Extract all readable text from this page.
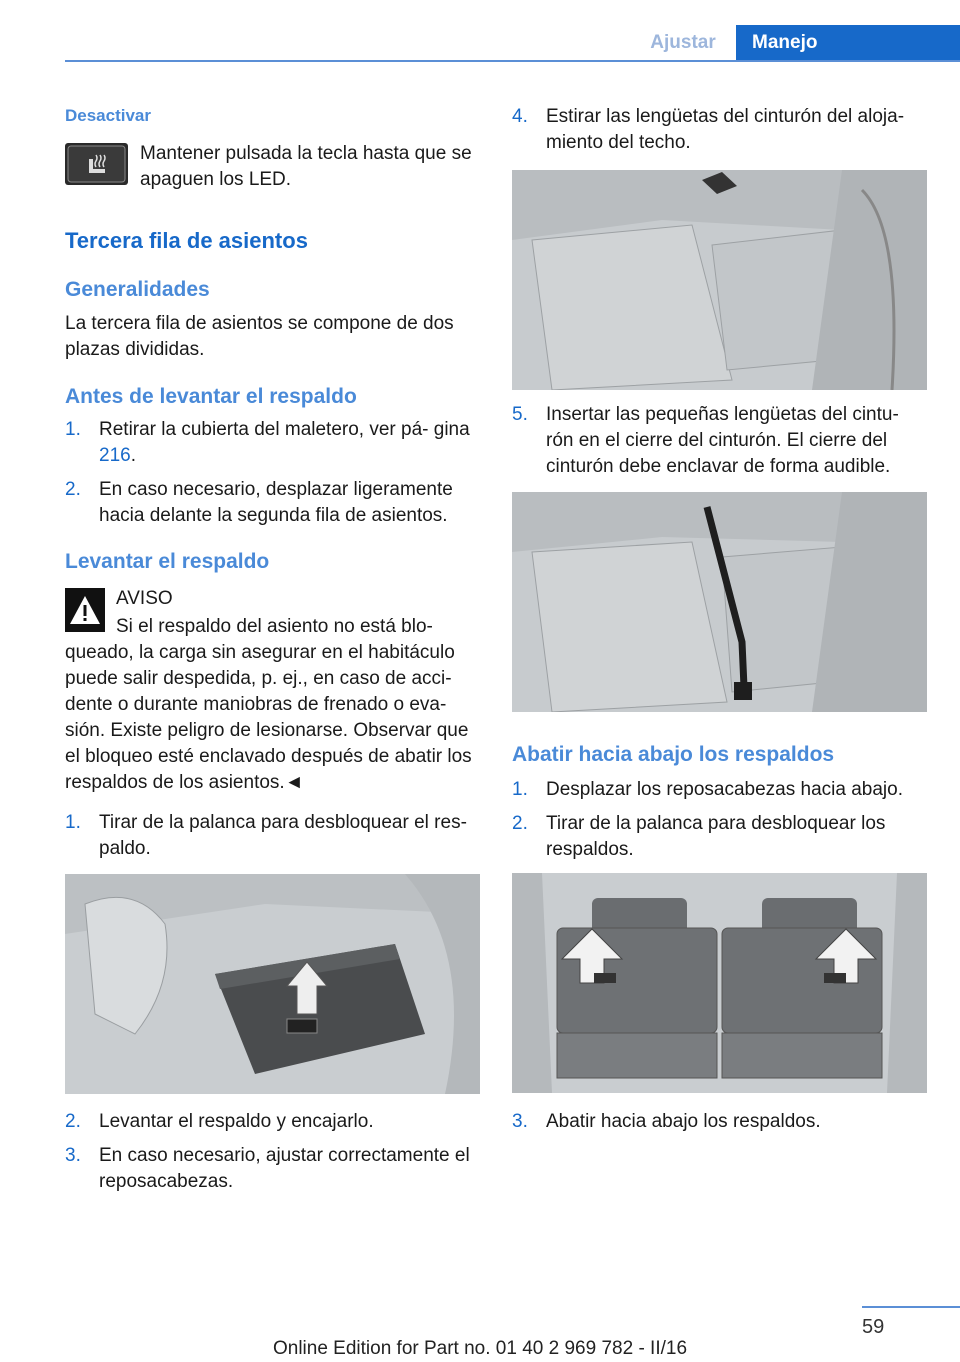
Ajustar	Manejo
Desactivar
Mantener pulsada la tecla hasta que se apaguen los LED.
Tercera fila de asientos
Generalidades
La tercera fila de asientos se compone de dos plazas divididas.
Antes de levantar el respaldo
1. Retirar la cubierta del maletero, ver pá- gina 216.
2. En caso necesario, desplazar ligeramente hacia delante la segunda fila de asientos.
Levantar el respaldo
AVISO
Si el respaldo del asiento no está blo- queado, la carga sin asegurar en el habitáculo puede salir despedida, p. ej., en caso de acci- dente o durante maniobras de frenado o eva- sión. Existe peligro de lesionarse. Observar que el bloqueo esté enclavado después de abatir los respaldos de los asientos.◄
1. Tirar de la palanca para desbloquear el res- paldo.
2. Levantar el respaldo y encajarlo.
3. En caso necesario, ajustar correctamente el reposacabezas.
4. Estirar las lengüetas del cinturón del aloja- miento del techo.
5. Insertar las pequeñas lengüetas del cintu- rón en el cierre del cinturón. El cierre del cinturón debe enclavar de forma audible.
Abatir hacia abajo los respaldos
1. Desplazar los reposacabezas hacia abajo.
2. Tirar de la palanca para desbloquear los respaldos.
3. Abatir hacia abajo los respaldos.
59
Online Edition for Part no. 01 40 2 969 782 - II/16
